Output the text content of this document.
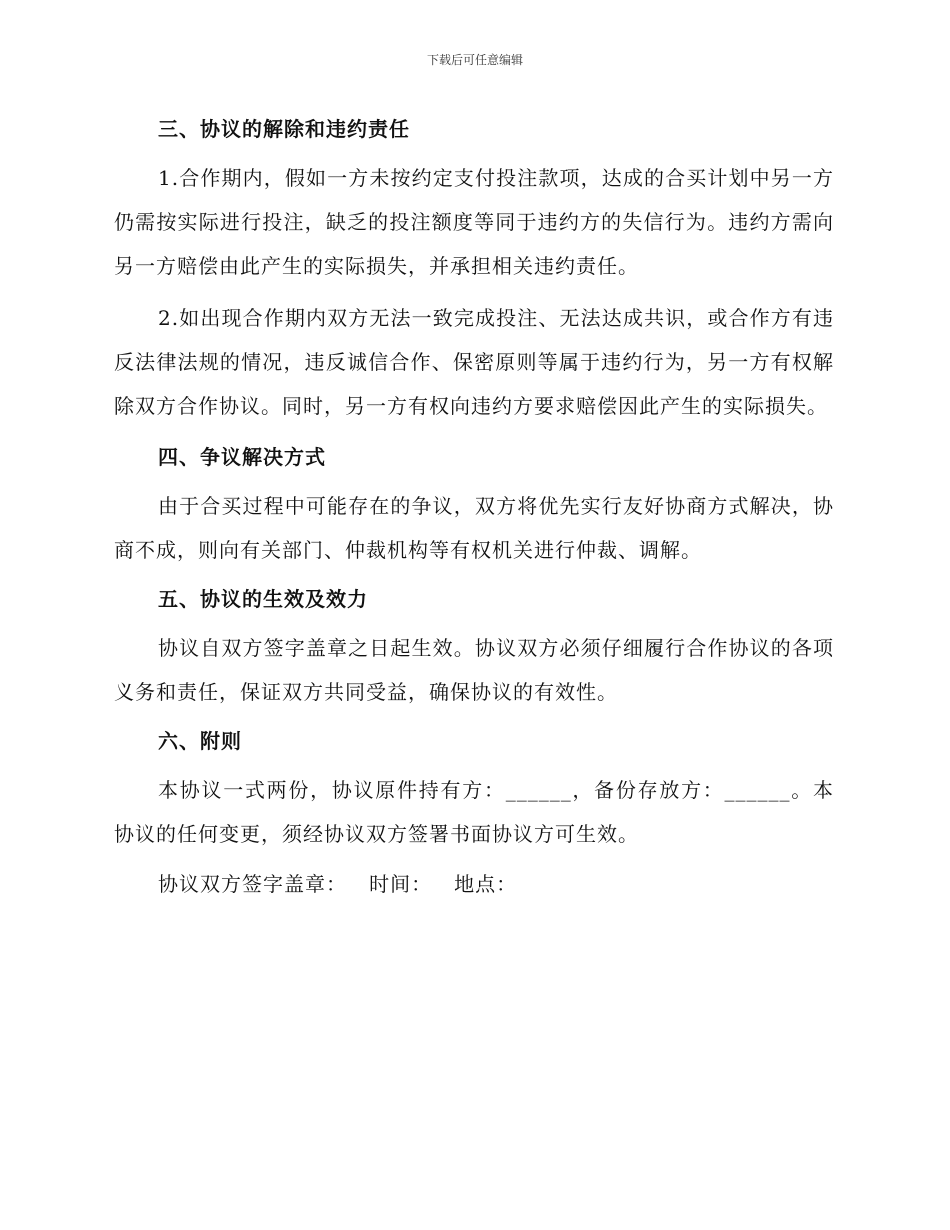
下载后可任意编辑
三、协议的解除和违约责任

1.合作期内，假如一方未按约定支付投注款项，达成的合买计划中另一方仍需按实际进行投注，缺乏的投注额度等同于违约方的失信行为。违约方需向另一方赔偿由此产生的实际损失，并承担相关违约责任。

2.如出现合作期内双方无法一致完成投注、无法达成共识，或合作方有违反法律法规的情况，违反诚信合作、保密原则等属于违约行为，另一方有权解除双方合作协议。同时，另一方有权向违约方要求赔偿因此产生的实际损失。

四、争议解决方式

由于合买过程中可能存在的争议，双方将优先实行友好协商方式解决，协商不成，则向有关部门、仲裁机构等有权机关进行仲裁、调解。

五、协议的生效及效力

协议自双方签字盖章之日起生效。协议双方必须仔细履行合作协议的各项义务和责任，保证双方共同受益，确保协议的有效性。

六、附则

本协议一式两份，协议原件持有方：______，备份存放方：______。本协议的任何变更，须经协议双方签署书面协议方可生效。

协议双方签字盖章：   时间：   地点：
